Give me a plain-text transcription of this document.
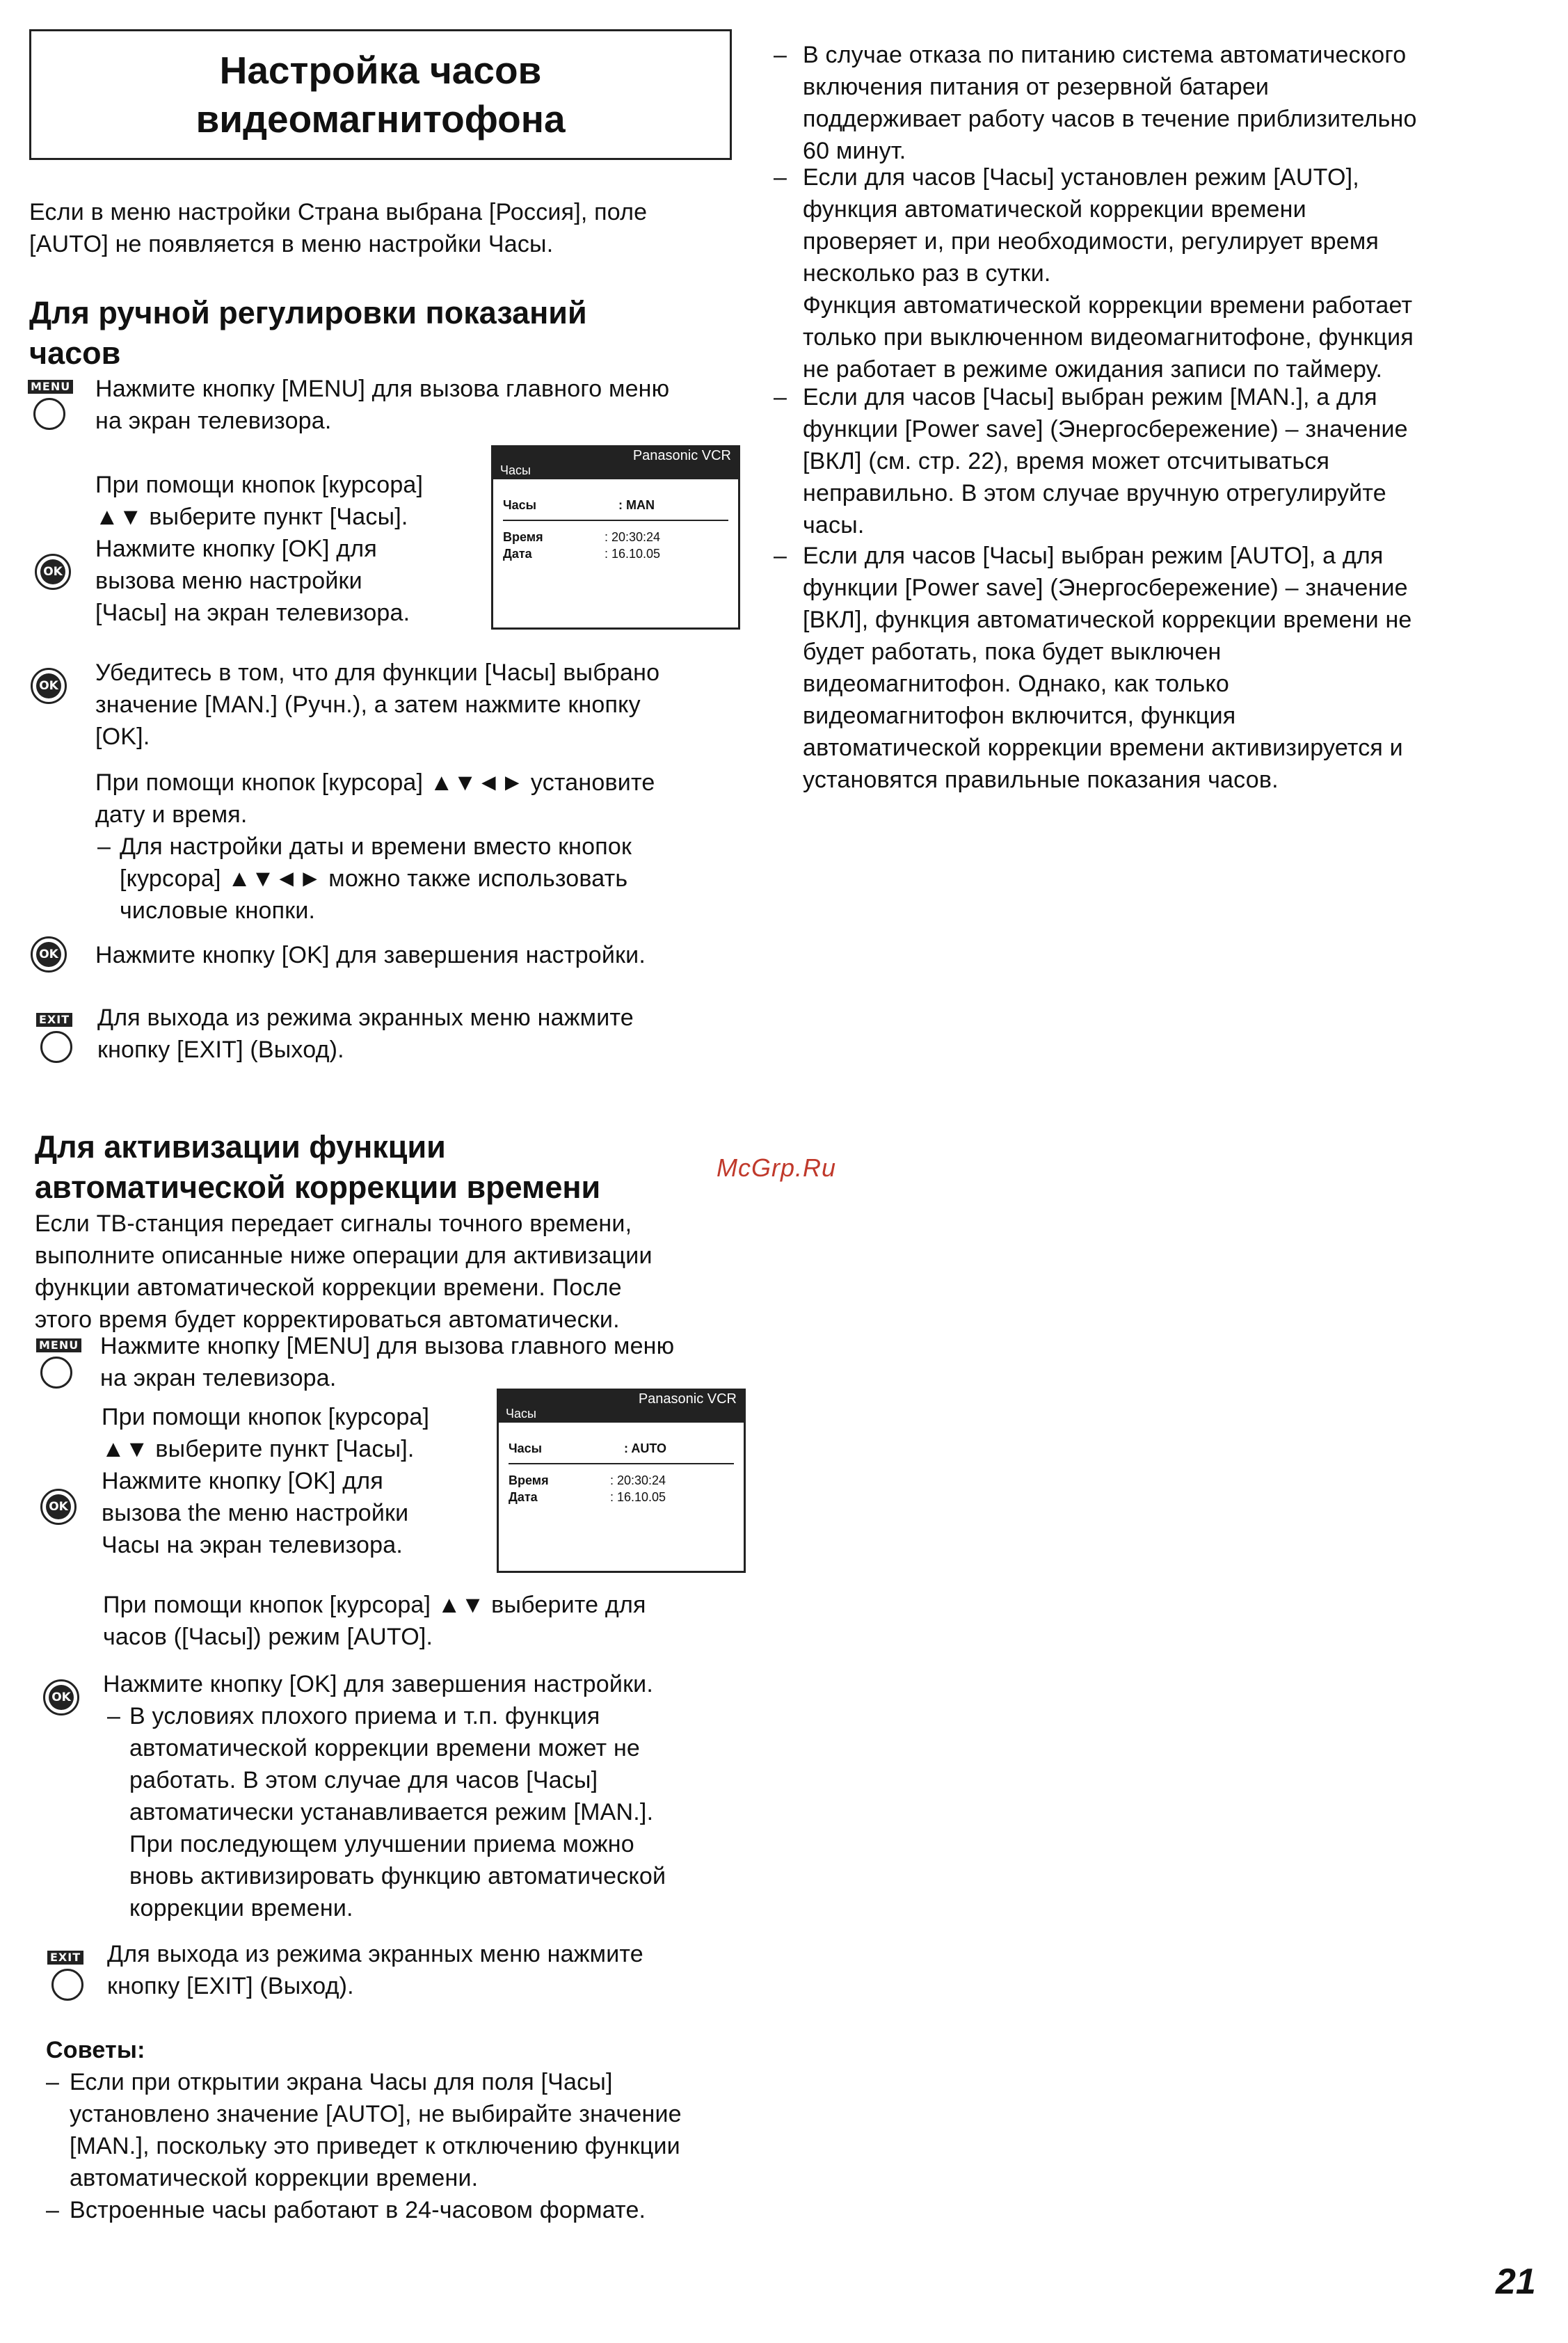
Настройка часов
видеомагнитофона
Если в меню настройки Страна выбрана [Россия], поле
[AUTO] не появляется в меню настройки Часы.
Для ручной регулировки показаний
часов
MENU Нажмите кнопку [MENU] для вызова главного меню
на экран телевизора.
При помощи кнопок [курсора]
▲▼ выберите пункт [Часы].
Нажмите кнопку [OK] для
вызова меню настройки
[Часы] на экран телевизора.
OK
Panasonic VCR
Часы
Часы	: MAN
Время	: 20:30:24
Дата	: 16.10.05
OK Убедитесь в том, что для функции [Часы] выбрано
значение [MAN.] (Ручн.), а затем нажмите кнопку
[OK].
При помощи кнопок [курсора] ▲▼◄► установите
дату и время.
– Для настройки даты и времени вместо кнопок
[курсора] ▲▼◄► можно также использовать
числовые кнопки.
OK Нажмите кнопку [OK] для завершения настройки.
EXIT Для выхода из режима экранных меню нажмите
кнопку [EXIT] (Выход).
Для активизации функции
автоматической коррекции времени
McGrp.Ru
Если ТВ-станция передает сигналы точного времени,
выполните описанные ниже операции для активизации
функции автоматической коррекции времени. После
этого время будет корректироваться автоматически.
MENU Нажмите кнопку [MENU] для вызова главного меню
на экран телевизора.
При помощи кнопок [курсора]
▲▼ выберите пункт [Часы].
Нажмите кнопку [OK] для
вызова the меню настройки
Часы на экран телевизора.
OK
Panasonic VCR
Часы
Часы	: AUTO
Время	: 20:30:24
Дата	: 16.10.05
При помощи кнопок [курсора] ▲▼ выберите для
часов ([Часы]) режим [AUTO].
OK Нажмите кнопку [OK] для завершения настройки.
– В условиях плохого приема и т.п. функция
автоматической коррекции времени может не
работать. В этом случае для часов [Часы]
автоматически устанавливается режим [MAN.].
При последующем улучшении приема можно
вновь активизировать функцию автоматической
коррекции времени.
EXIT Для выхода из режима экранных меню нажмите
кнопку [EXIT] (Выход).
Советы:
– Если при открытии экрана Часы для поля [Часы]
установлено значение [AUTO], не выбирайте значение
[MAN.], поскольку это приведет к отключению функции
автоматической коррекции времени.
– Встроенные часы работают в 24-часовом формате.
– В случае отказа по питанию система автоматического
включения питания от резервной батареи
поддерживает работу часов в течение приблизительно
60 минут.
– Если для часов [Часы] установлен режим [AUTO],
функция автоматической коррекции времени
проверяет и, при необходимости, регулирует время
несколько раз в сутки.
Функция автоматической коррекции времени работает
только при выключенном видеомагнитофоне, функция
не работает в режиме ожидания записи по таймеру.
– Если для часов [Часы] выбран режим [MAN.], а для
функции [Power save] (Энергосбережение) – значение
[ВКЛ] (см. стр. 22), время может отсчитываться
неправильно. В этом случае вручную отрегулируйте
часы.
– Если для часов [Часы] выбран режим [AUTO], а для
функции [Power save] (Энергосбережение) – значение
[ВКЛ], функция автоматической коррекции времени не
будет работать, пока будет выключен
видеомагнитофон. Однако, как только
видеомагнитофон включится, функция
автоматической коррекции времени активизируется и
установятся правильные показания часов.
21
